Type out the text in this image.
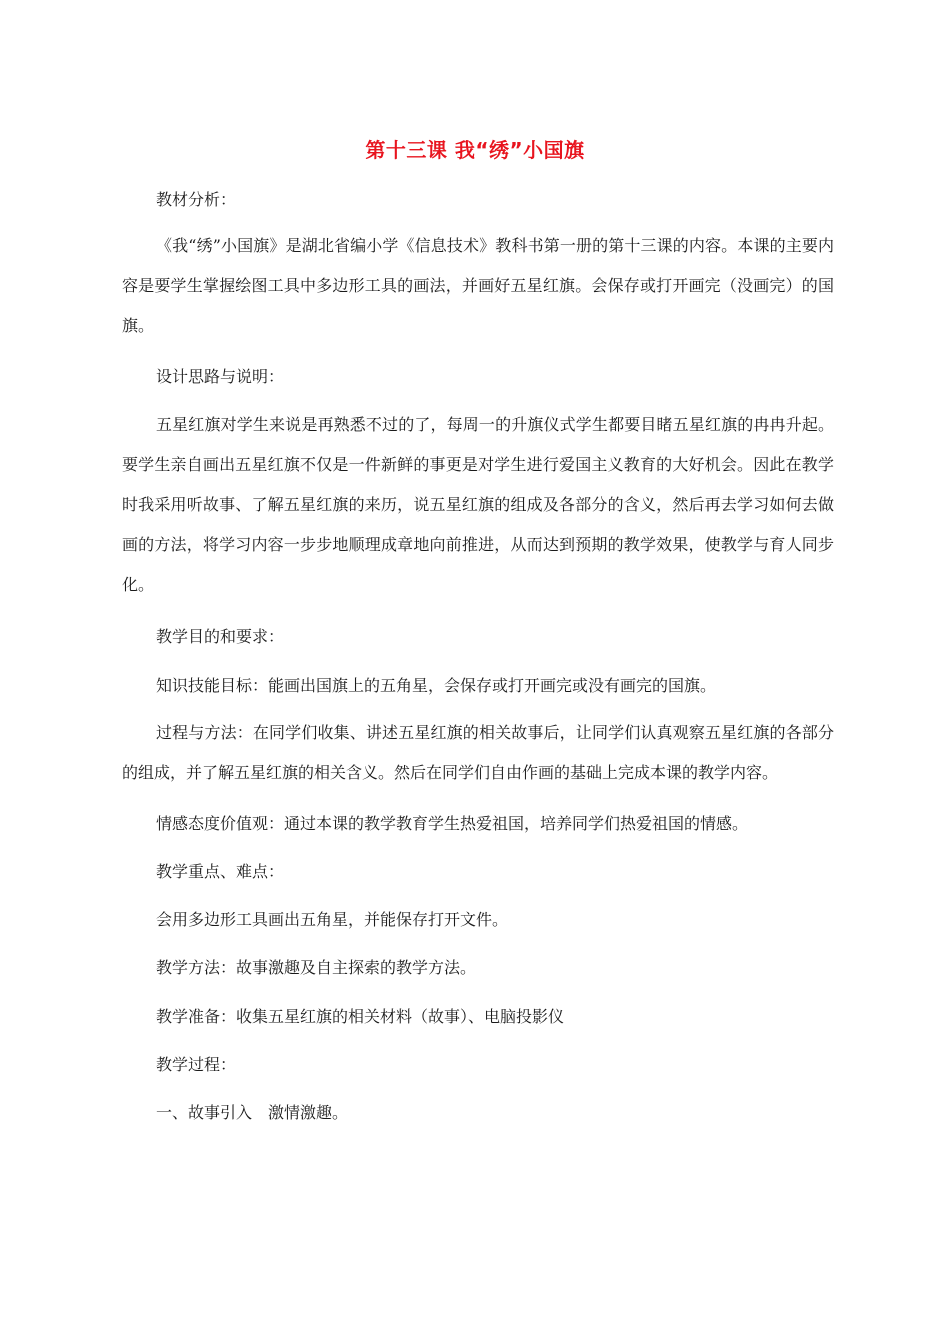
第十三课 我“绣”小国旗

教材分析：

《我“绣”小国旗》是湖北省编小学《信息技术》教科书第一册的第十三课的内容。本课的主要内容是要学生掌握绘图工具中多边形工具的画法，并画好五星红旗。会保存或打开画完（没画完）的国旗。

设计思路与说明：

五星红旗对学生来说是再熟悉不过的了，每周一的升旗仪式学生都要目睹五星红旗的冉冉升起。要学生亲自画出五星红旗不仅是一件新鲜的事更是对学生进行爱国主义教育的大好机会。因此在教学时我采用听故事、了解五星红旗的来历，说五星红旗的组成及各部分的含义，然后再去学习如何去做画的方法，将学习内容一步步地顺理成章地向前推进，从而达到预期的教学效果，使教学与育人同步化。

教学目的和要求：

知识技能目标：能画出国旗上的五角星，会保存或打开画完或没有画完的国旗。

过程与方法：在同学们收集、讲述五星红旗的相关故事后，让同学们认真观察五星红旗的各部分的组成，并了解五星红旗的相关含义。然后在同学们自由作画的基础上完成本课的教学内容。

情感态度价值观：通过本课的教学教育学生热爱祖国，培养同学们热爱祖国的情感。

教学重点、难点：

会用多边形工具画出五角星，并能保存打开文件。

教学方法：故事激趣及自主探索的教学方法。

教学准备：收集五星红旗的相关材料（故事）、电脑投影仪

教学过程：

一、故事引入　激情激趣。
